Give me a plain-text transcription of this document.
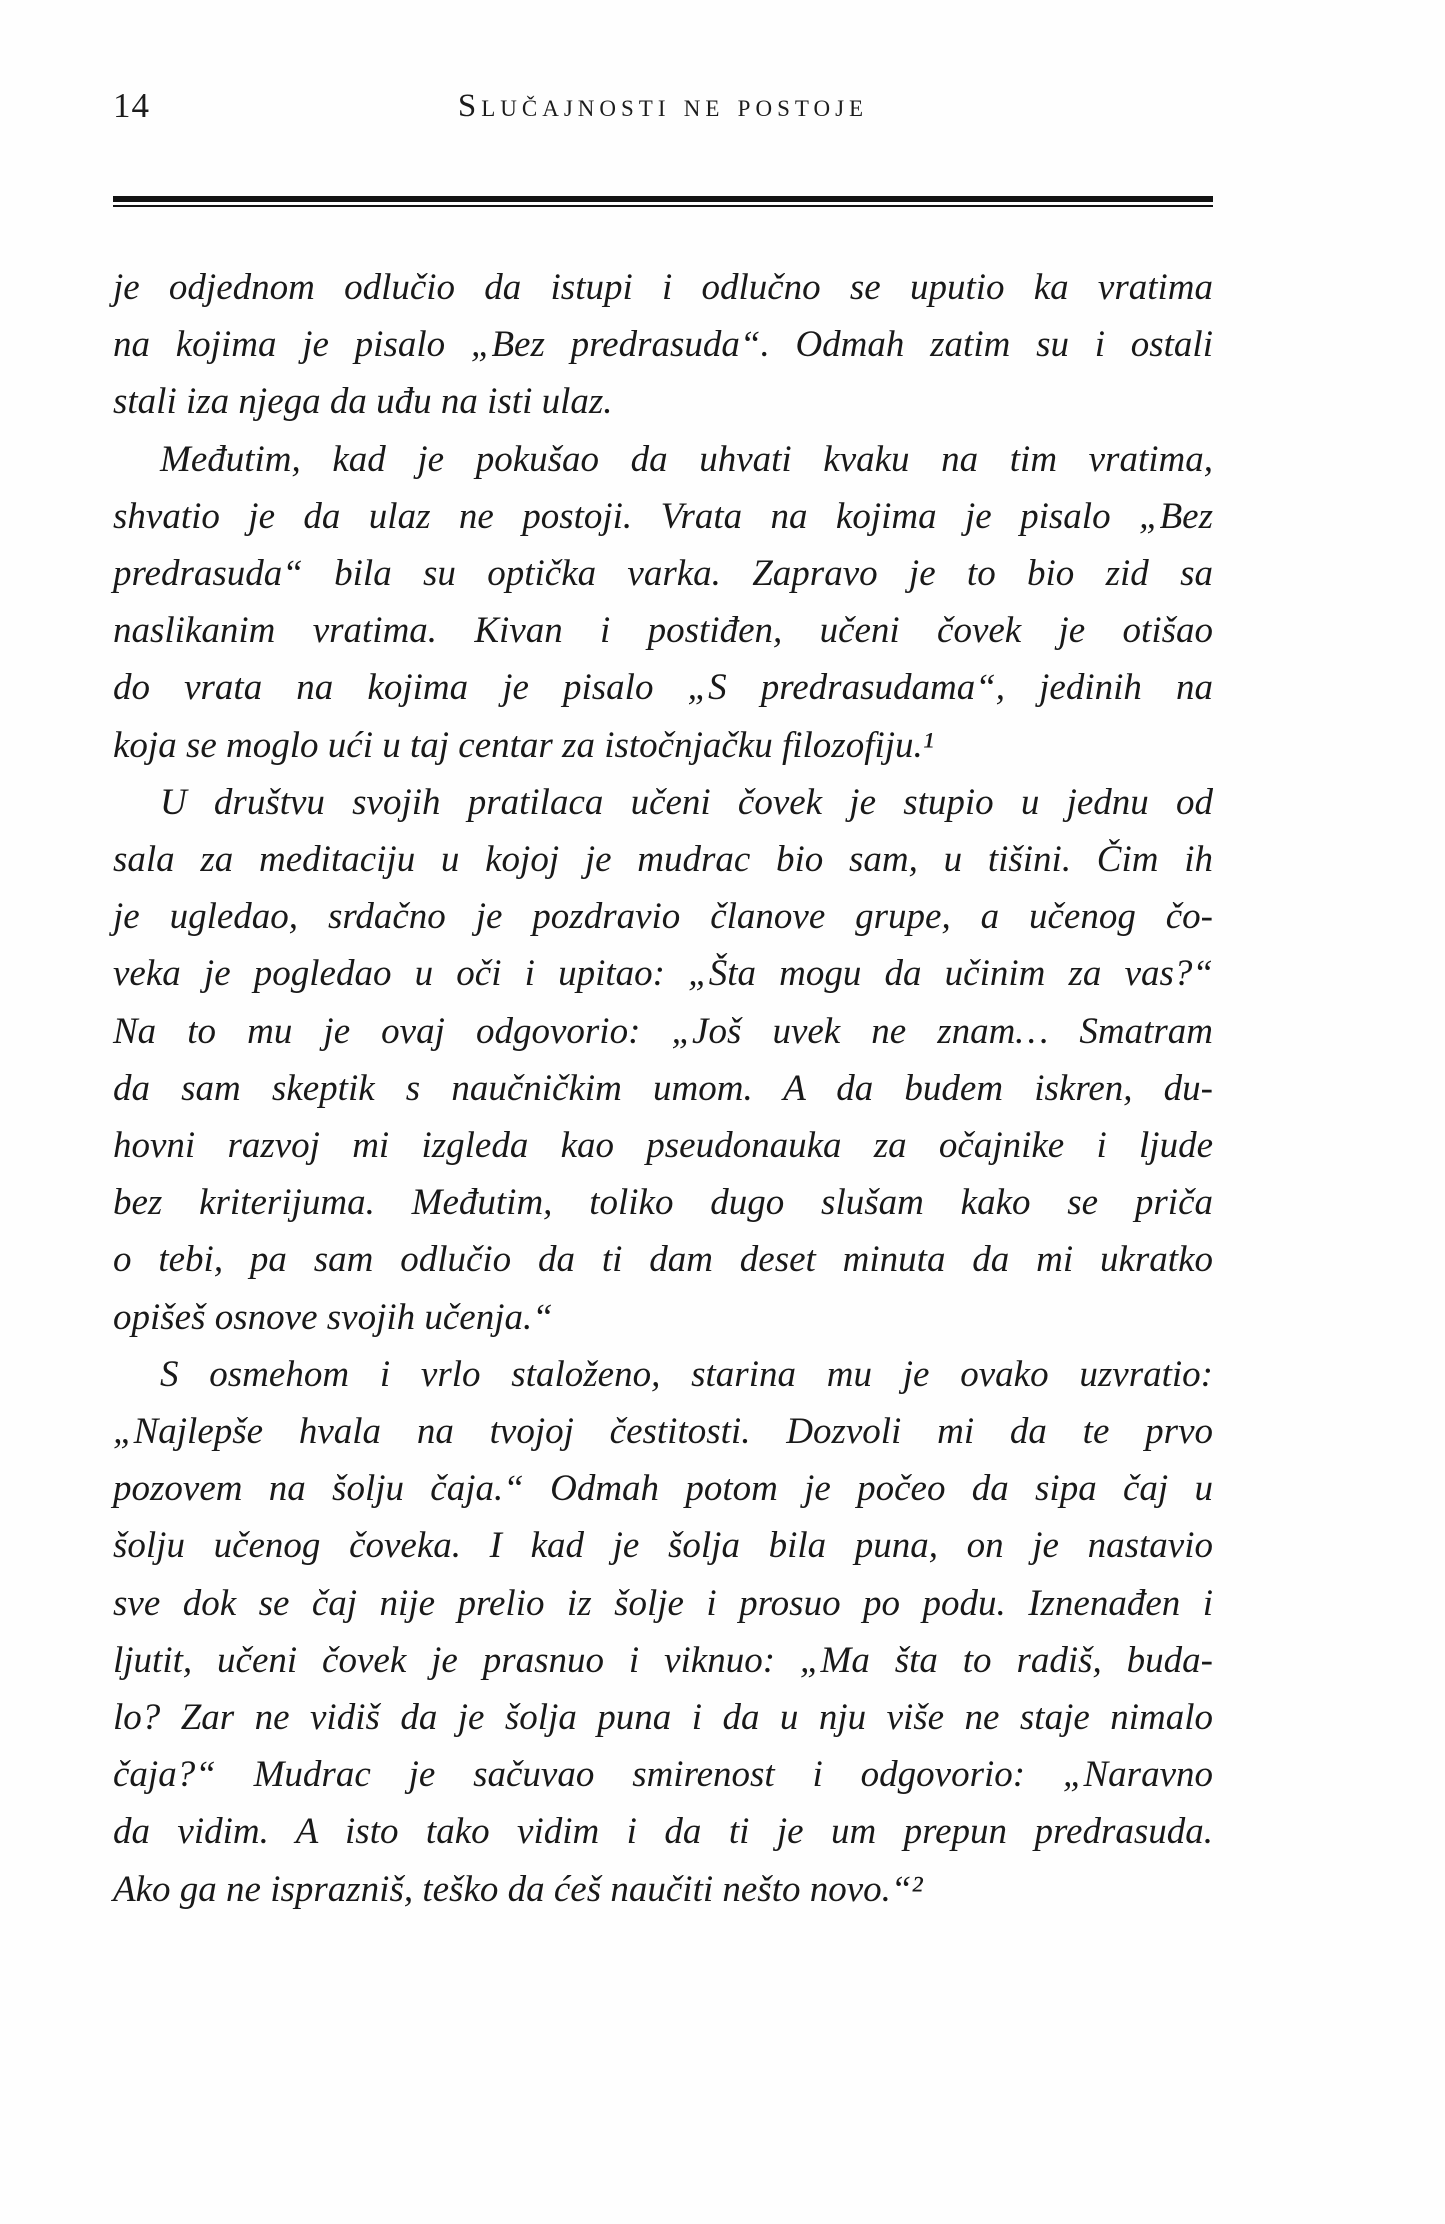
14	Slučajnosti ne postoje
je odjednom odlučio da istupi i odlučno se uputio ka vratima
na kojima je pisalo „Bez predrasuda“. Odmah zatim su i ostali
stali iza njega da uđu na isti ulaz.
Međutim, kad je pokušao da uhvati kvaku na tim vratima,
shvatio je da ulaz ne postoji. Vrata na kojima je pisalo „Bez
predrasuda“ bila su optička varka. Zapravo je to bio zid sa
naslikanim vratima. Kivan i postiđen, učeni čovek je otišao
do vrata na kojima je pisalo „S predrasudama“, jedinih na
koja se moglo ući u taj centar za istočnjačku filozofiju.¹
U društvu svojih pratilaca učeni čovek je stupio u jednu od
sala za meditaciju u kojoj je mudrac bio sam, u tišini. Čim ih
je ugledao, srdačno je pozdravio članove grupe, a učenog čo-
veka je pogledao u oči i upitao: „Šta mogu da učinim za vas?“
Na to mu je ovaj odgovorio: „Još uvek ne znam… Smatram
da sam skeptik s naučničkim umom. A da budem iskren, du-
hovni razvoj mi izgleda kao pseudonauka za očajnike i ljude
bez kriterijuma. Međutim, toliko dugo slušam kako se priča
o tebi, pa sam odlučio da ti dam deset minuta da mi ukratko
opišeš osnove svojih učenja.“
S osmehom i vrlo staloženo, starina mu je ovako uzvratio:
„Najlepše hvala na tvojoj čestitosti. Dozvoli mi da te prvo
pozovem na šolju čaja.“ Odmah potom je počeo da sipa čaj u
šolju učenog čoveka. I kad je šolja bila puna, on je nastavio
sve dok se čaj nije prelio iz šolje i prosuo po podu. Iznenađen i
ljutit, učeni čovek je prasnuo i viknuo: „Ma šta to radiš, buda-
lo? Zar ne vidiš da je šolja puna i da u nju više ne staje nimalo
čaja?“ Mudrac je sačuvao smirenost i odgovorio: „Naravno
da vidim. A isto tako vidim i da ti je um prepun predrasuda.
Ako ga ne isprazniš, teško da ćeš naučiti nešto novo.“²
